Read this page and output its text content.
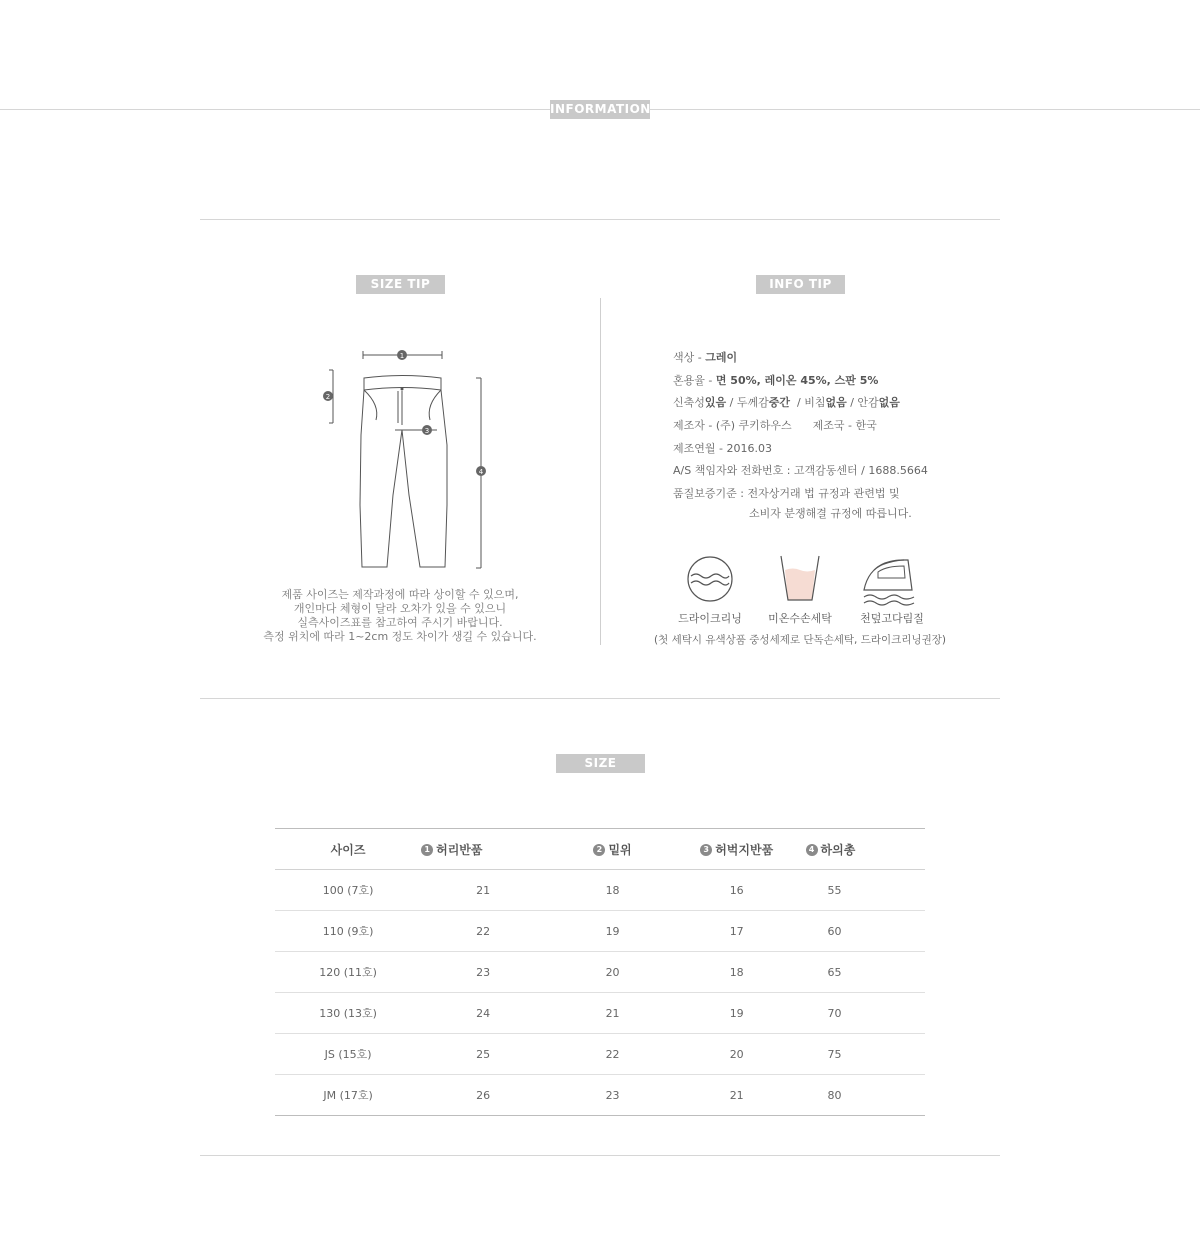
INFORMATION
SIZE TIP
1
2
3
4
제품 사이즈는 제작과정에 따라 상이할 수 있으며,
개인마다 체형이 달라 오차가 있을 수 있으니
실측사이즈표를 참고하여 주시기 바랍니다.
측정 위치에 따라 1~2cm 정도 차이가 생길 수 있습니다.
INFO TIP
색상 - 그레이
혼용율 - 면 50%, 레이온 45%, 스판 5%
신축성있음 / 두께감중간  / 비침없음 / 안감없음
제조자 - (주) 쿠키하우스      제조국 - 한국
제조연월 - 2016.03
A/S 책임자와 전화번호 : 고객감동센터 / 1688.5664
품질보증기준 : 전자상거래 법 규정과 관련법 및
소비자 분쟁해결 규정에 따릅니다.
드라이크리닝	미온수손세탁	천덮고다림질
(첫 세탁시 유색상품 중성세제로 단독손세탁, 드라이크리닝권장)
SIZE
사이즈	1 허리반품	2 밑위	3 허벅지반품	4 하의총
100 (7호)	21	18	16	55
110 (9호)	22	19	17	60
120 (11호)	23	20	18	65
130 (13호)	24	21	19	70
JS (15호)	25	22	20	75
JM (17호)	26	23	21	80
